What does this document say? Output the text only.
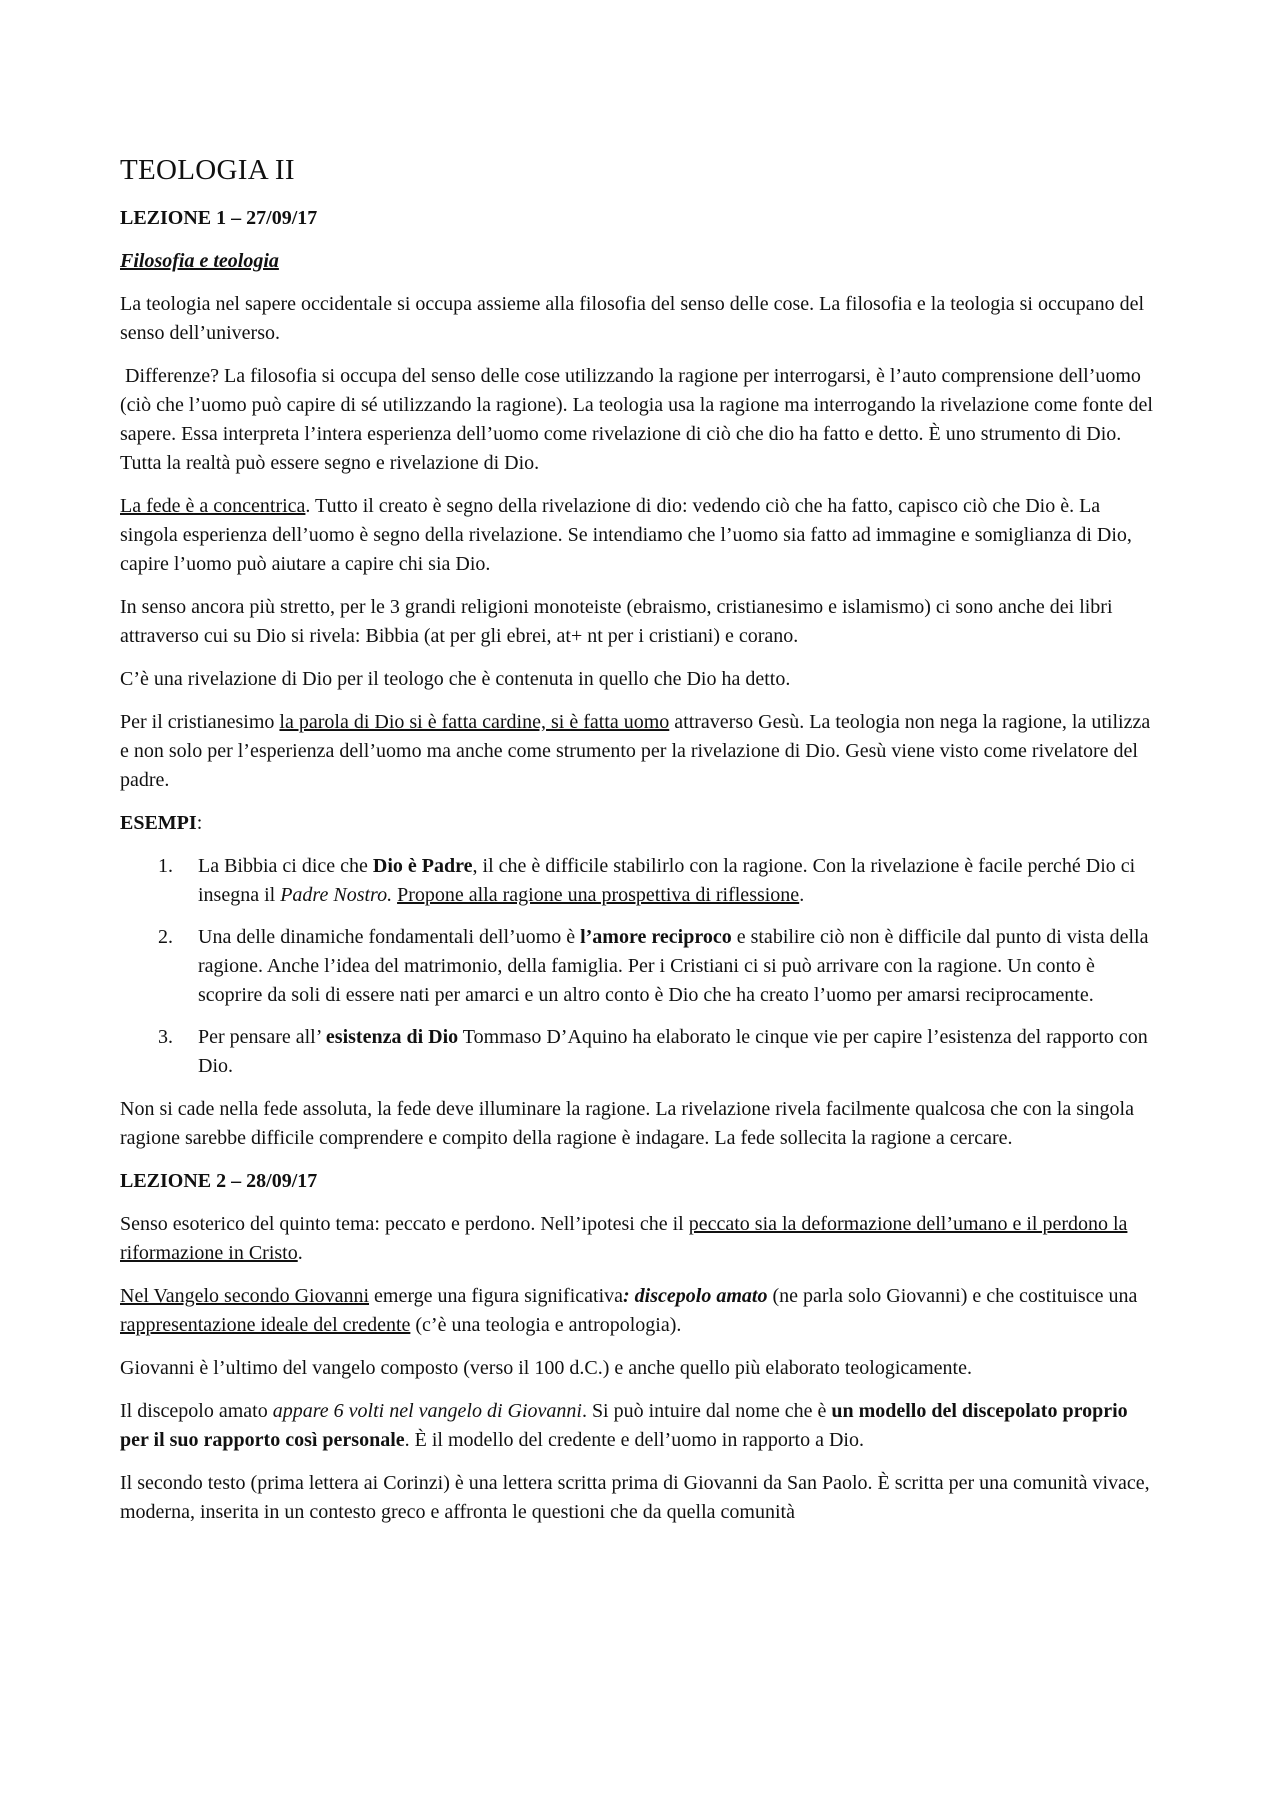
TEOLOGIA II
LEZIONE 1 – 27/09/17
Filosofia e teologia

La teologia nel sapere occidentale si occupa assieme alla filosofia del senso delle cose. La filosofia e la teologia si occupano del senso dell’universo.

Differenze? La filosofia si occupa del senso delle cose utilizzando la ragione per interrogarsi, è l’auto comprensione dell’uomo (ciò che l’uomo può capire di sé utilizzando la ragione). La teologia usa la ragione ma interrogando la rivelazione come fonte del sapere. Essa interpreta l’intera esperienza dell’uomo come rivelazione di ciò che dio ha fatto e detto. È uno strumento di Dio. Tutta la realtà può essere segno e rivelazione di Dio.

La fede è a concentrica. Tutto il creato è segno della rivelazione di dio: vedendo ciò che ha fatto, capisco ciò che Dio è. La singola esperienza dell’uomo è segno della rivelazione. Se intendiamo che l’uomo sia fatto ad immagine e somiglianza di Dio, capire l’uomo può aiutare a capire chi sia Dio.

In senso ancora più stretto, per le 3 grandi religioni monoteiste (ebraismo, cristianesimo e islamismo) ci sono anche dei libri attraverso cui su Dio si rivela: Bibbia (at per gli ebrei, at+ nt per i cristiani) e corano.

C’è una rivelazione di Dio per il teologo che è contenuta in quello che Dio ha detto.

Per il cristianesimo la parola di Dio si è fatta cardine, si è fatta uomo attraverso Gesù. La teologia non nega la ragione, la utilizza e non solo per l’esperienza dell’uomo ma anche come strumento per la rivelazione di Dio. Gesù viene visto come rivelatore del padre.

ESEMPI:

1. La Bibbia ci dice che Dio è Padre, il che è difficile stabilirlo con la ragione. Con la rivelazione è facile perché Dio ci insegna il Padre Nostro. Propone alla ragione una prospettiva di riflessione.
2. Una delle dinamiche fondamentali dell’uomo è l’amore reciproco e stabilire ciò non è difficile dal punto di vista della ragione. Anche l’idea del matrimonio, della famiglia. Per i Cristiani ci si può arrivare con la ragione. Un conto è scoprire da soli di essere nati per amarci e un altro conto è Dio che ha creato l’uomo per amarsi reciprocamente.
3. Per pensare all’ esistenza di Dio Tommaso D’Aquino ha elaborato le cinque vie per capire l’esistenza del rapporto con Dio.

Non si cade nella fede assoluta, la fede deve illuminare la ragione. La rivelazione rivela facilmente qualcosa che con la singola ragione sarebbe difficile comprendere e compito della ragione è indagare. La fede sollecita la ragione a cercare.

LEZIONE 2 – 28/09/17

Senso esoterico del quinto tema: peccato e perdono. Nell’ipotesi che il peccato sia la deformazione dell’umano e il perdono la riformazione in Cristo.

Nel Vangelo secondo Giovanni emerge una figura significativa: discepolo amato (ne parla solo Giovanni) e che costituisce una rappresentazione ideale del credente (c’è una teologia e antropologia).

Giovanni è l’ultimo del vangelo composto (verso il 100 d.C.) e anche quello più elaborato teologicamente.

Il discepolo amato appare 6 volti nel vangelo di Giovanni. Si può intuire dal nome che è un modello del discepolato proprio per il suo rapporto così personale. È il modello del credente e dell’uomo in rapporto a Dio.

Il secondo testo (prima lettera ai Corinzi) è una lettera scritta prima di Giovanni da San Paolo. È scritta per una comunità vivace, moderna, inserita in un contesto greco e affronta le questioni che da quella comunità
